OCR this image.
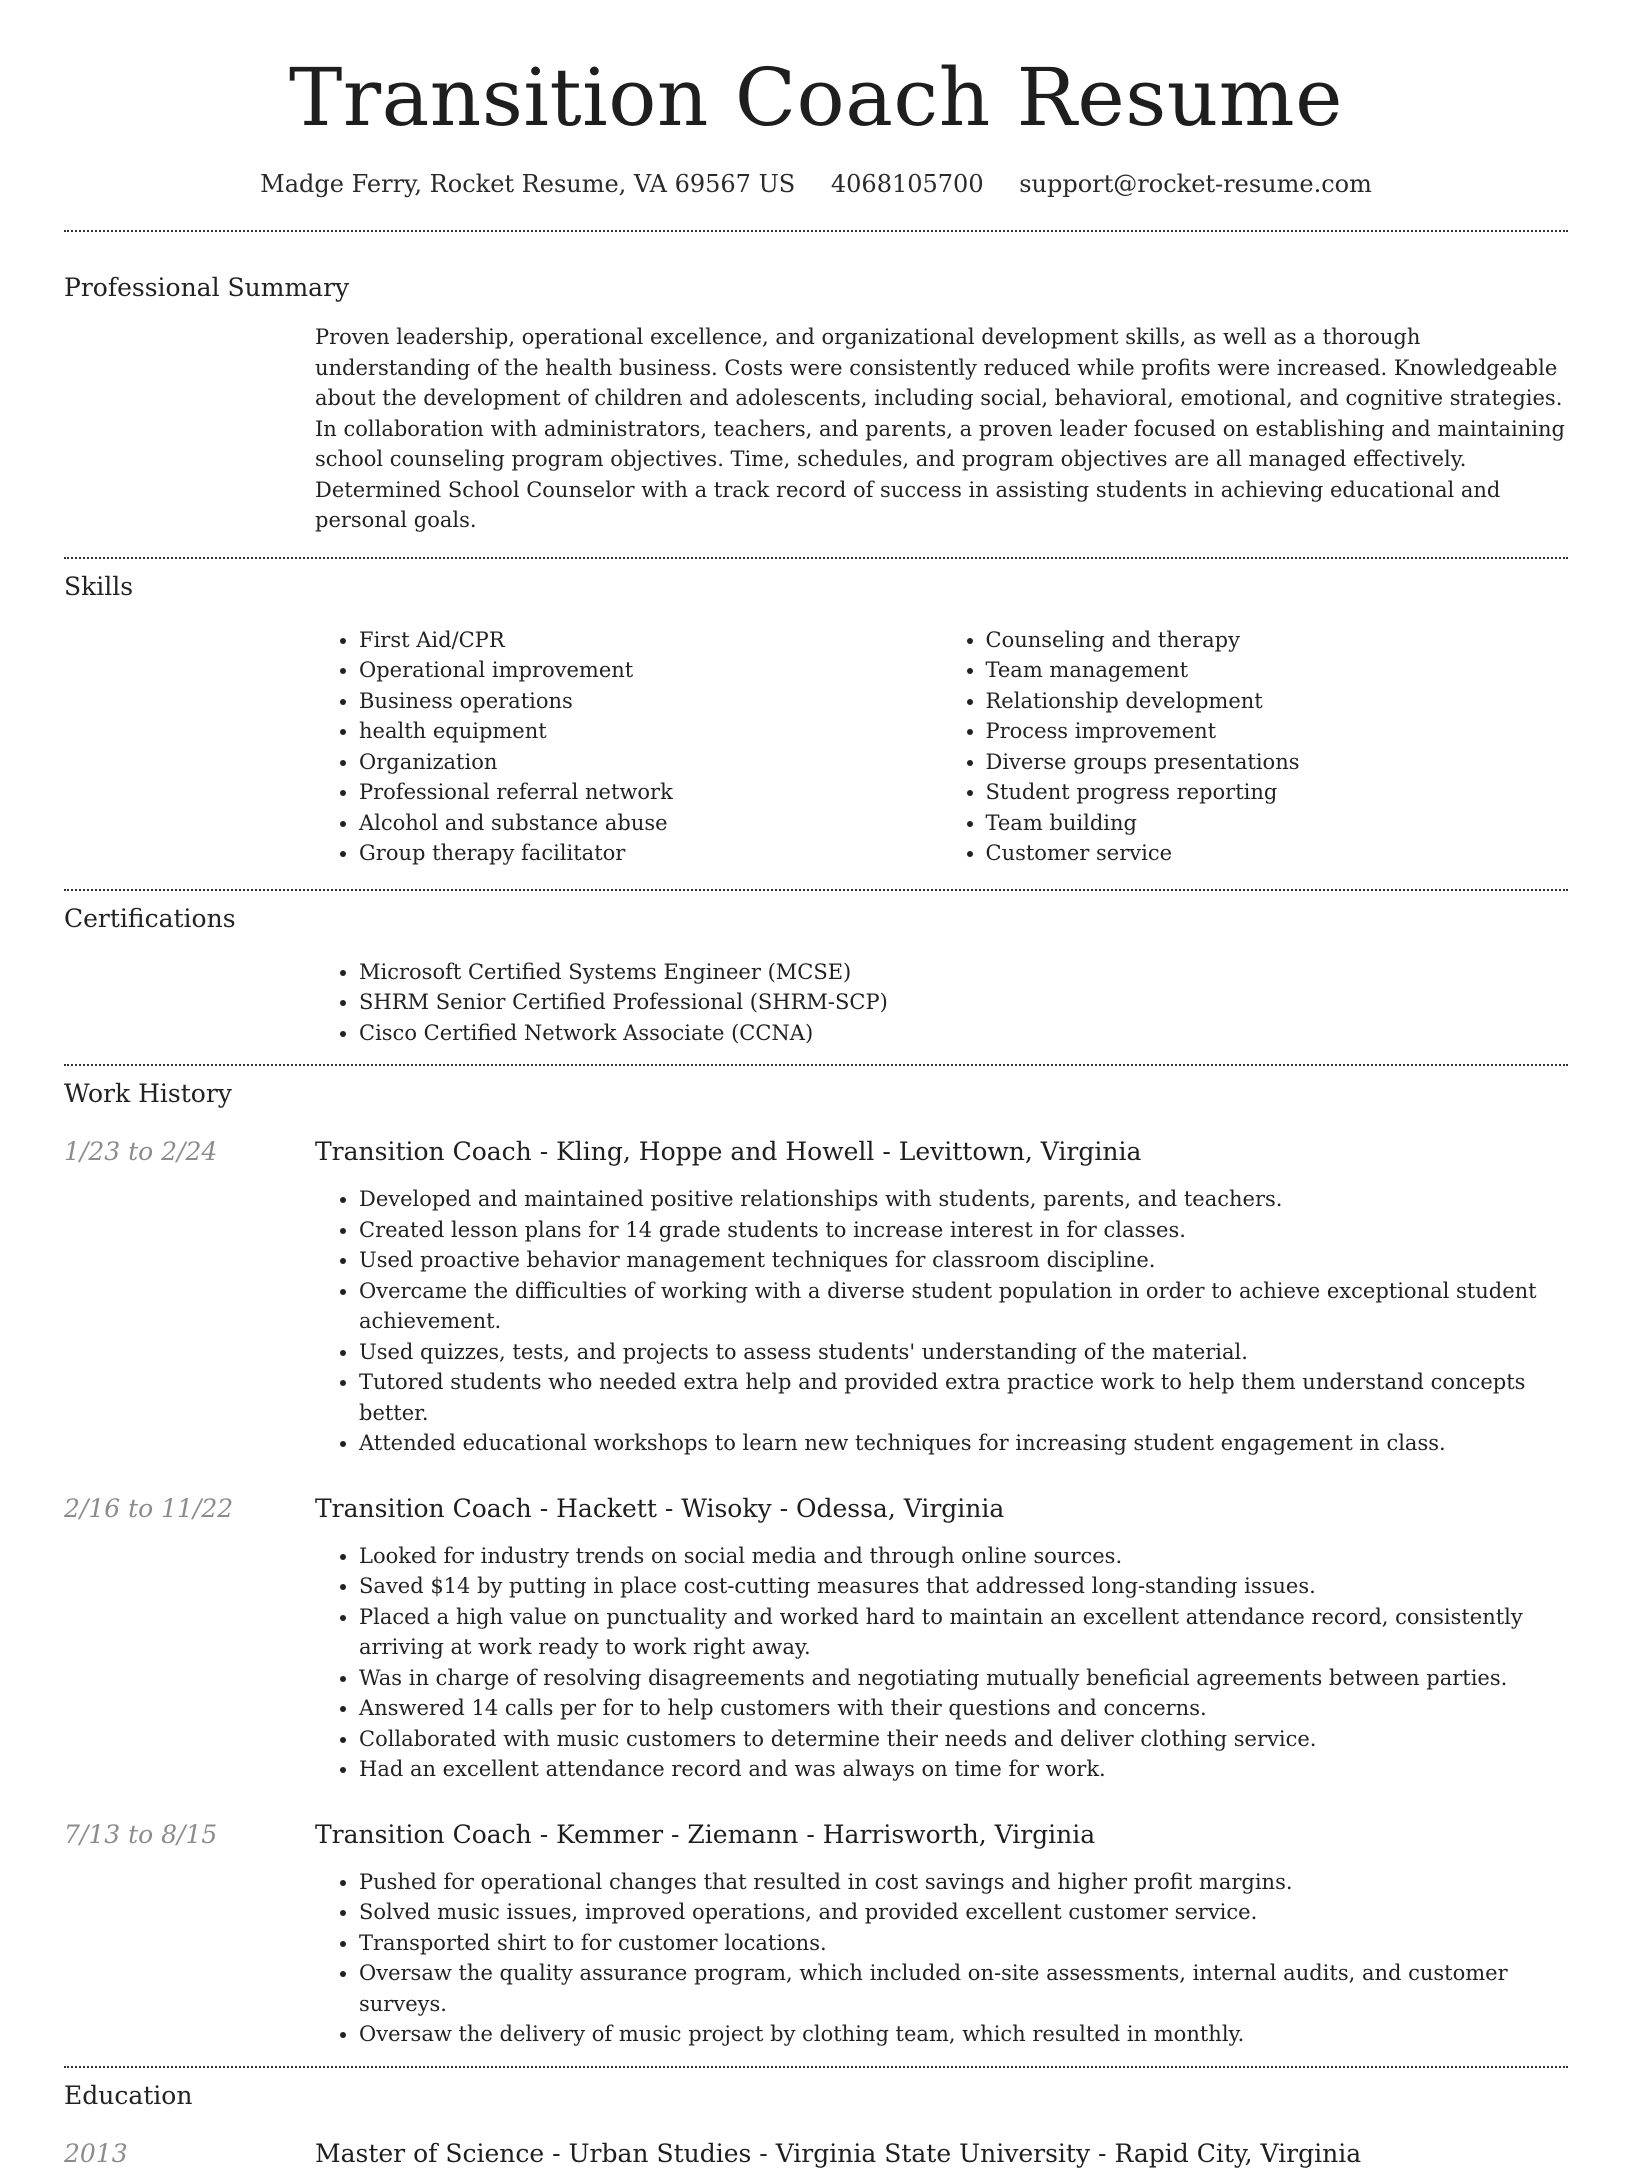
Transition Coach Resume
Madge Ferry, Rocket Resume, VA 69567 US 4068105700 support@rocket-resume.com
Professional Summary

Proven leadership, operational excellence, and organizational development skills, as well as a thorough understanding of the health business. Costs were consistently reduced while profits were increased. Knowledgeable about the development of children and adolescents, including social, behavioral, emotional, and cognitive strategies. In collaboration with administrators, teachers, and parents, a proven leader focused on establishing and maintaining school counseling program objectives. Time, schedules, and program objectives are all managed effectively. Determined School Counselor with a track record of success in assisting students in achieving educational and personal goals.

Skills
• First Aid/CPR
• Operational improvement
• Business operations
• health equipment
• Organization
• Professional referral network
• Alcohol and substance abuse
• Group therapy facilitator
• Counseling and therapy
• Team management
• Relationship development
• Process improvement
• Diverse groups presentations
• Student progress reporting
• Team building
• Customer service
Certifications
• Microsoft Certified Systems Engineer (MCSE)
• SHRM Senior Certified Professional (SHRM-SCP)
• Cisco Certified Network Associate (CCNA)
Work History
1/23 to 2/24	Transition Coach - Kling, Hoppe and Howell - Levittown, Virginia
• Developed and maintained positive relationships with students, parents, and teachers.
• Created lesson plans for 14 grade students to increase interest in for classes.
• Used proactive behavior management techniques for classroom discipline.
• Overcame the difficulties of working with a diverse student population in order to achieve exceptional student achievement.
• Used quizzes, tests, and projects to assess students' understanding of the material.
• Tutored students who needed extra help and provided extra practice work to help them understand concepts better.
• Attended educational workshops to learn new techniques for increasing student engagement in class.
2/16 to 11/22	Transition Coach - Hackett - Wisoky - Odessa, Virginia
• Looked for industry trends on social media and through online sources.
• Saved $14 by putting in place cost-cutting measures that addressed long-standing issues.
• Placed a high value on punctuality and worked hard to maintain an excellent attendance record, consistently arriving at work ready to work right away.
• Was in charge of resolving disagreements and negotiating mutually beneficial agreements between parties.
• Answered 14 calls per for to help customers with their questions and concerns.
• Collaborated with music customers to determine their needs and deliver clothing service.
• Had an excellent attendance record and was always on time for work.
7/13 to 8/15	Transition Coach - Kemmer - Ziemann - Harrisworth, Virginia
• Pushed for operational changes that resulted in cost savings and higher profit margins.
• Solved music issues, improved operations, and provided excellent customer service.
• Transported shirt to for customer locations.
• Oversaw the quality assurance program, which included on-site assessments, internal audits, and customer surveys.
• Oversaw the delivery of music project by clothing team, which resulted in monthly.
Education
2013	Master of Science - Urban Studies - Virginia State University - Rapid City, Virginia
